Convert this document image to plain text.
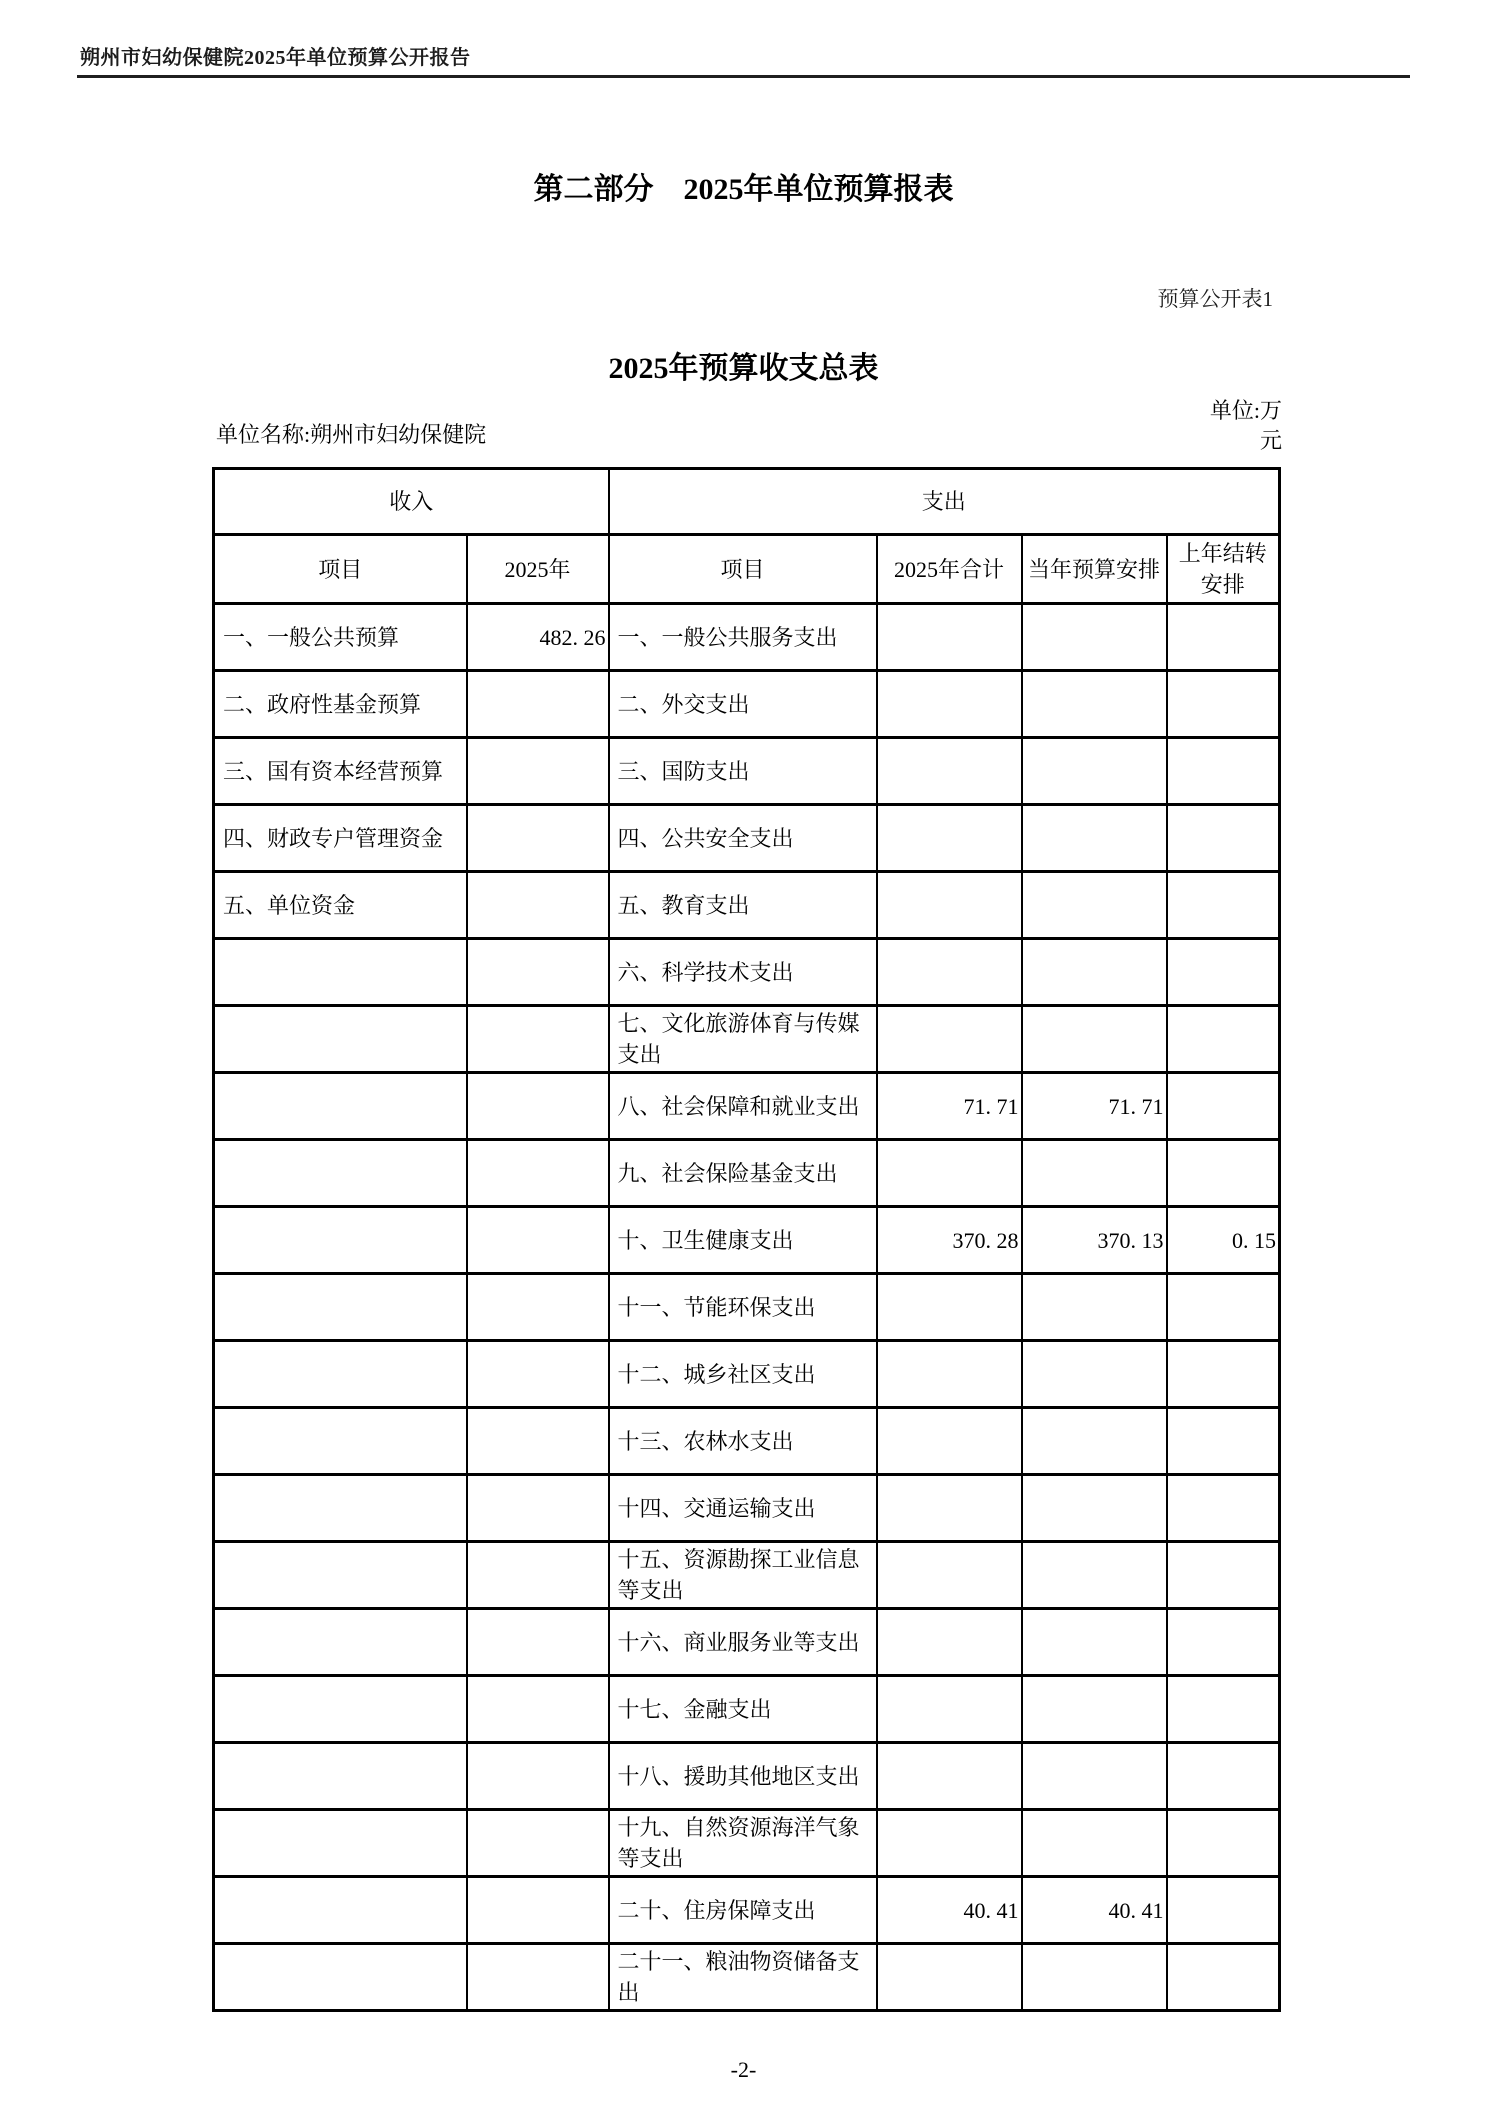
朔州市妇幼保健院2025年单位预算公开报告
第二部分　2025年单位预算报表
预算公开表1
2025年预算收支总表
单位名称:朔州市妇幼保健院
单位:万元
收入		支出			
项目	2025年	项目	2025年合计	当年预算安排	上年结转安排
一、一般公共预算	482. 26	一、一般公共服务支出			
二、政府性基金预算		二、外交支出			
三、国有资本经营预算		三、国防支出			
四、财政专户管理资金		四、公共安全支出			
五、单位资金		五、教育支出			
		六、科学技术支出			
		七、文化旅游体育与传媒支出			
		八、社会保障和就业支出	71. 71	71. 71	
		九、社会保险基金支出			
		十、卫生健康支出	370. 28	370. 13	0. 15
		十一、节能环保支出			
		十二、城乡社区支出			
		十三、农林水支出			
		十四、交通运输支出			
		十五、资源勘探工业信息等支出			
		十六、商业服务业等支出			
		十七、金融支出			
		十八、援助其他地区支出			
		十九、自然资源海洋气象等支出			
		二十、住房保障支出	40. 41	40. 41	
		二十一、粮油物资储备支出			
-2-
